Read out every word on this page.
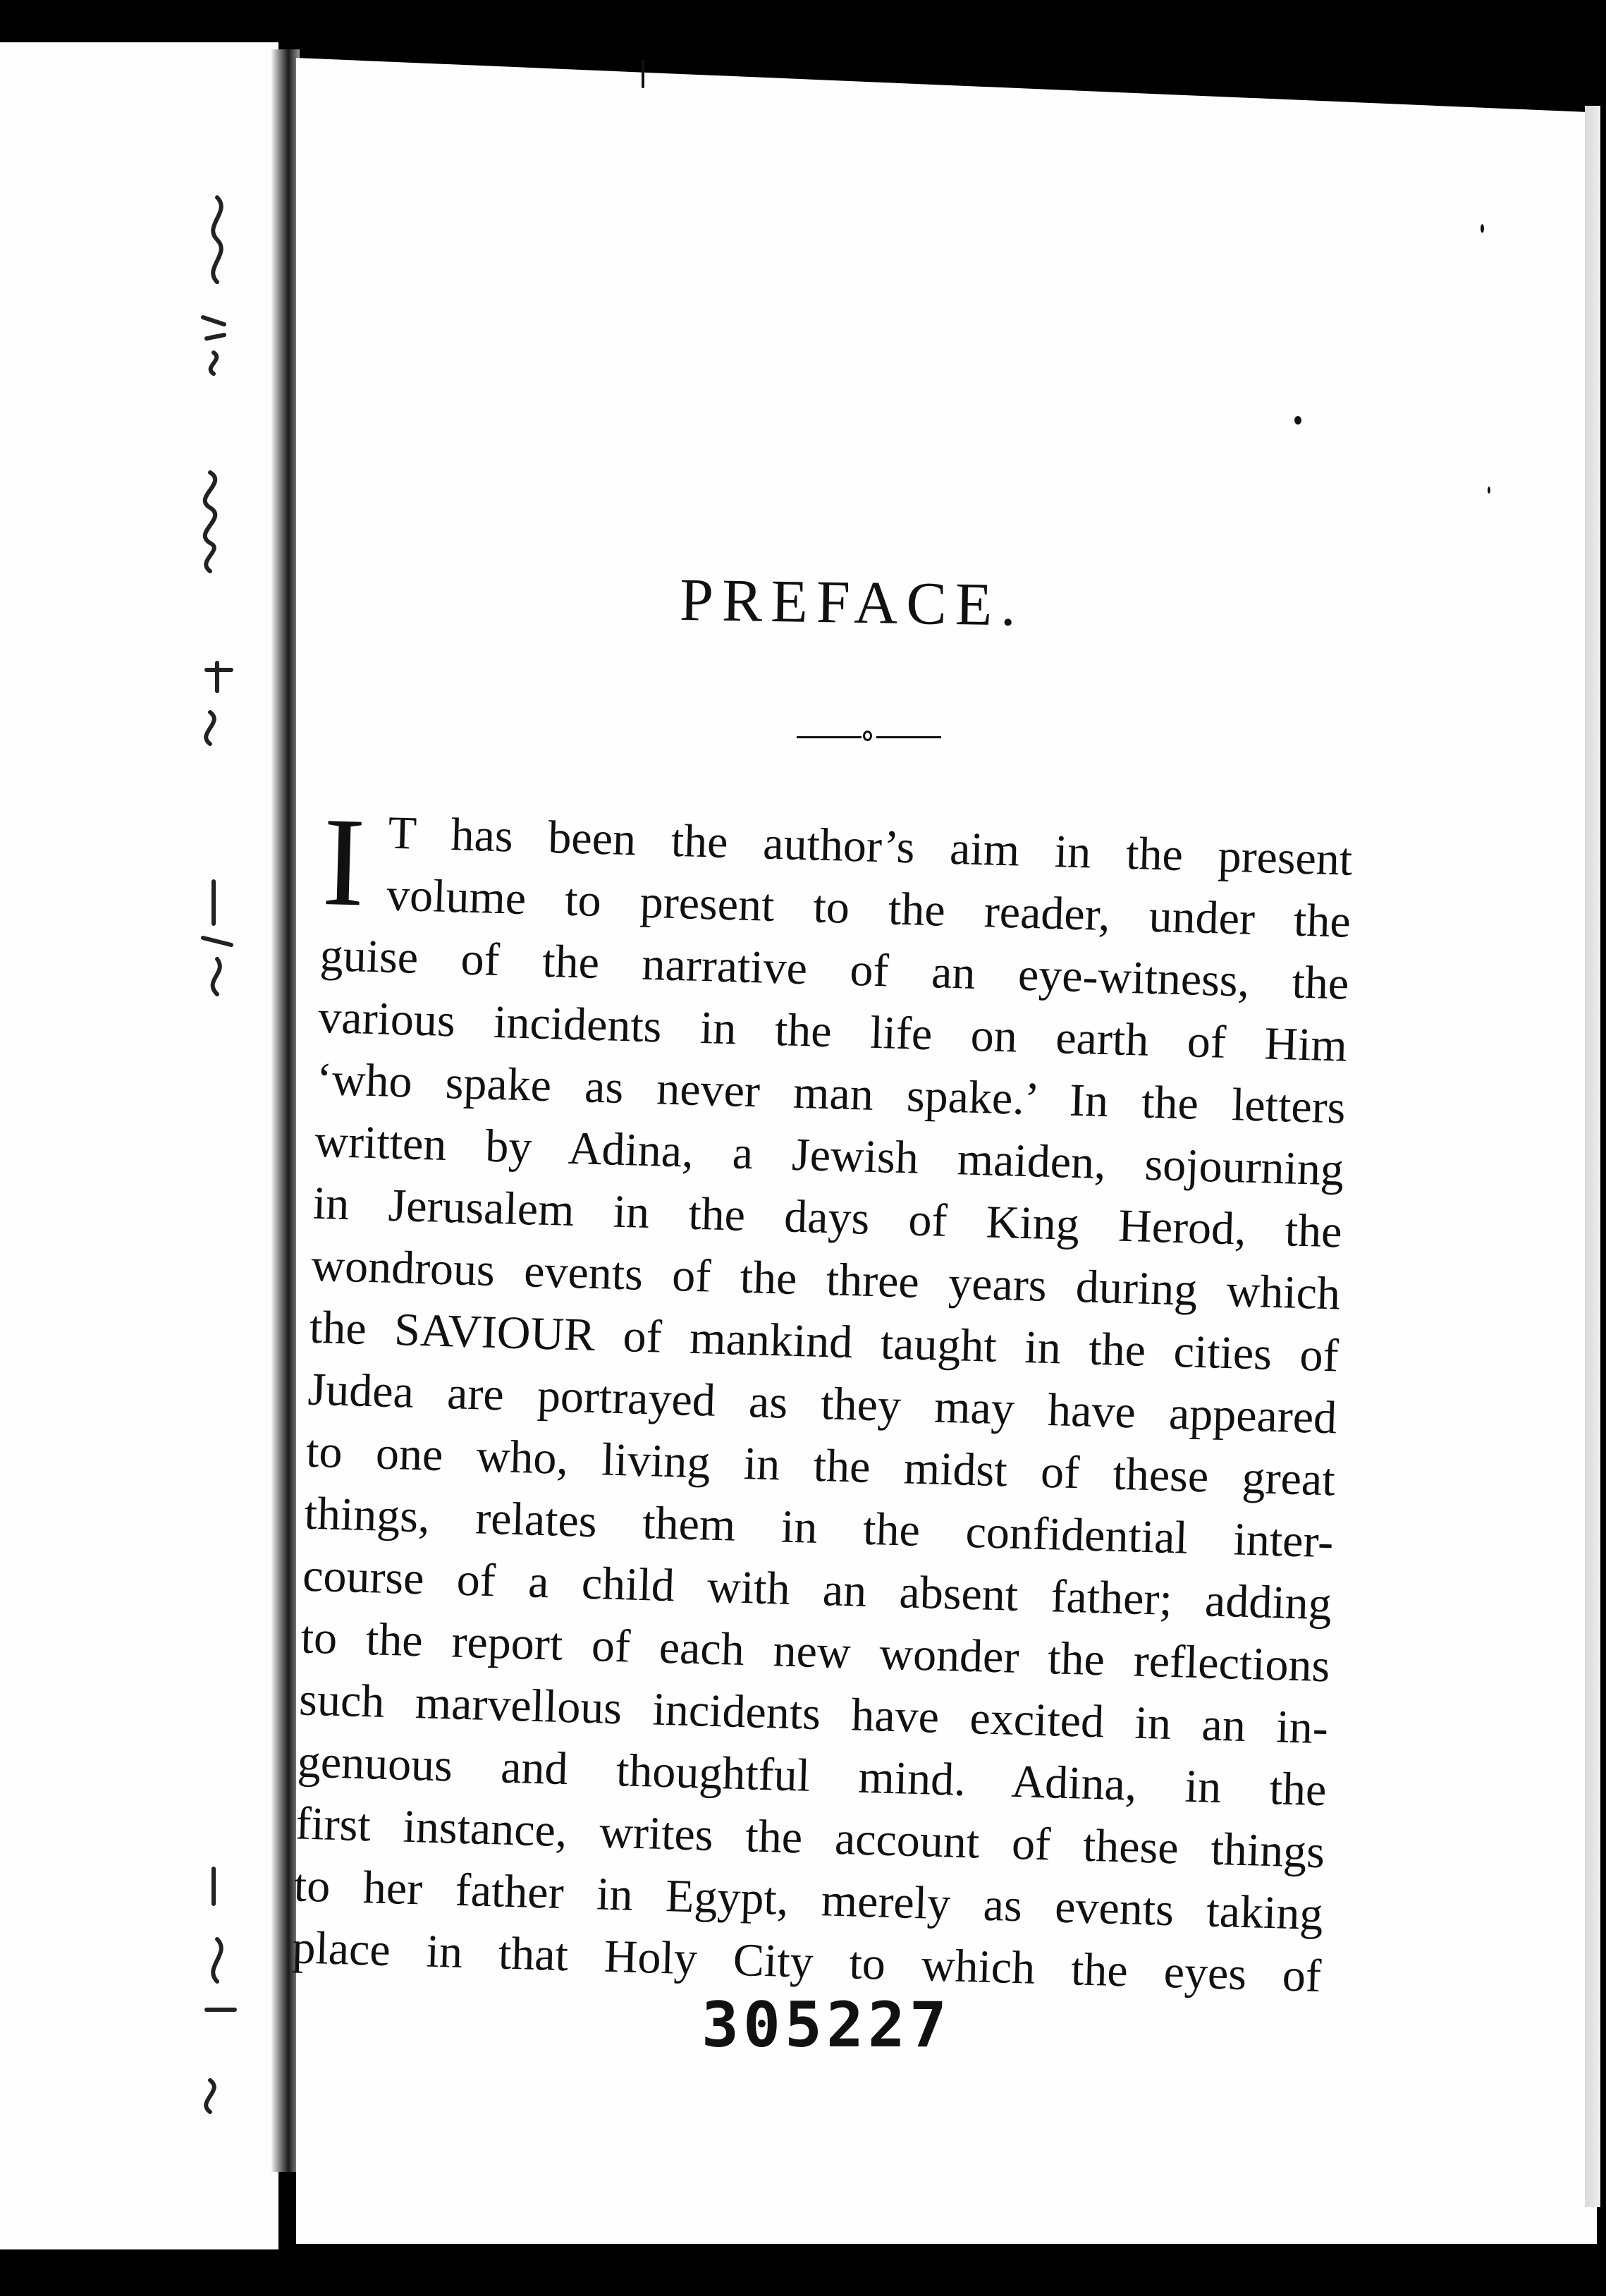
PREFACE.
I T has been the author’s aim in the present
volume to present to the reader, under the
guise of the narrative of an eye-witness, the
various incidents in the life on earth of Him
‘who spake as never man spake.’ In the letters
written by Adina, a Jewish maiden, sojourning
in Jerusalem in the days of King Herod, the
wondrous events of the three years during which
the SAVIOUR of mankind taught in the cities of
Judea are portrayed as they may have appeared
to one who, living in the midst of these great
things, relates them in the confidential inter-
course of a child with an absent father; adding
to the report of each new wonder the reflections
such marvellous incidents have excited in an in-
genuous and thoughtful mind. Adina, in the
first instance, writes the account of these things
to her father in Egypt, merely as events taking
place in that Holy City to which the eyes of
305227
